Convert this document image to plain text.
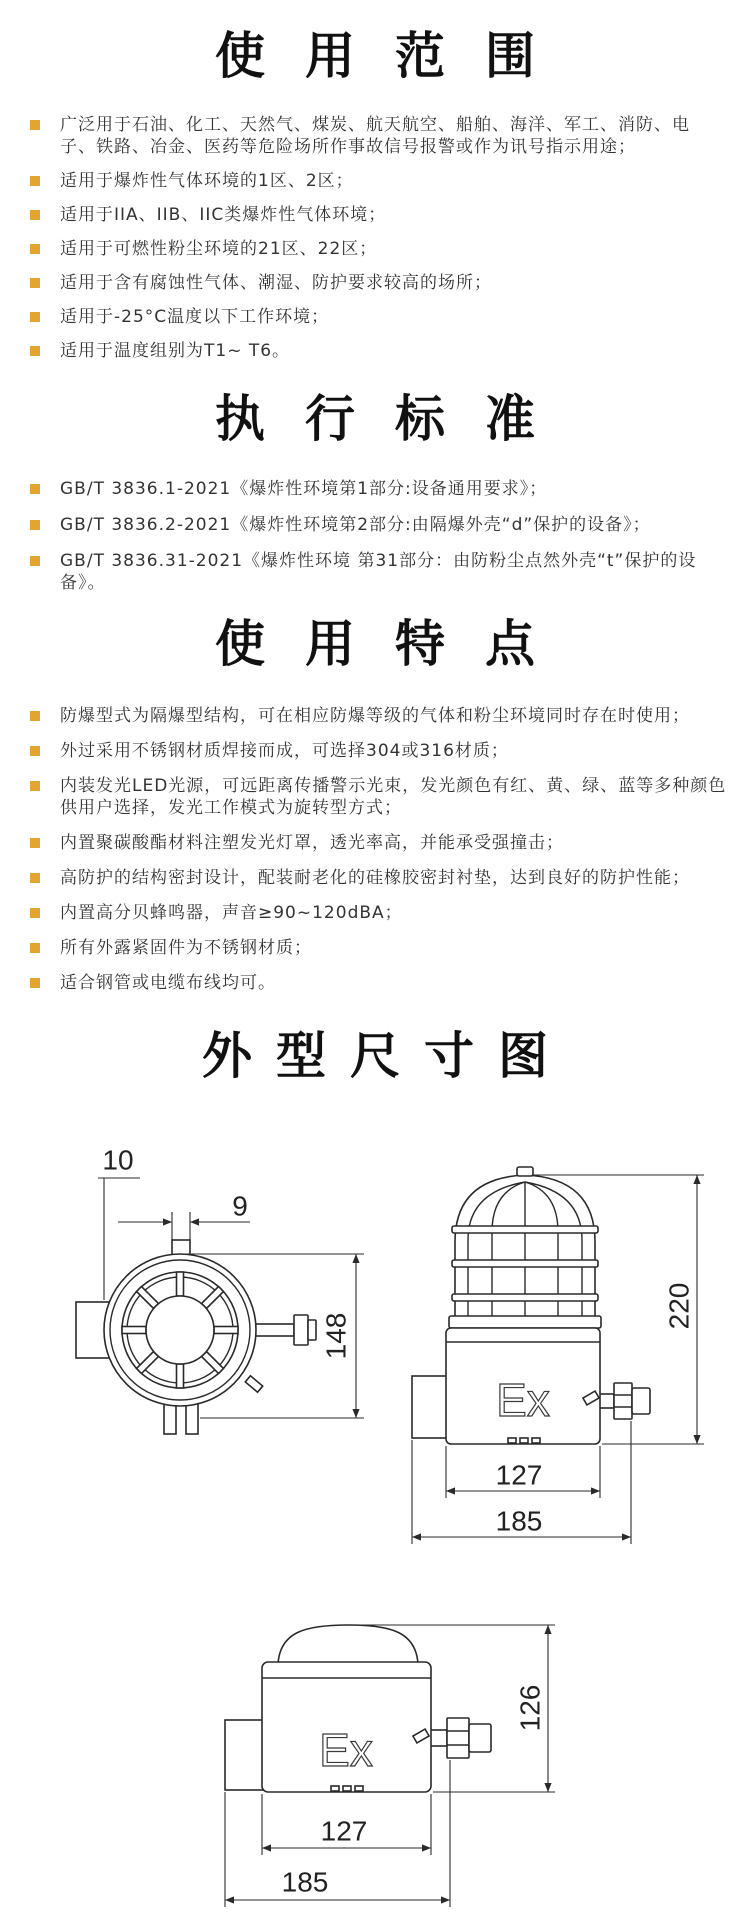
使用范围
广泛用于石油、化工、天然气、煤炭、航天航空、船舶、海洋、军工、消防、电子、铁路、冶金、医药等危险场所作事故信号报警或作为讯号指示用途；
适用于爆炸性气体环境的1区、2区；
适用于IIA、IIB、IIC类爆炸性气体环境；
适用于可燃性粉尘环境的21区、22区；
适用于含有腐蚀性气体、潮湿、防护要求较高的场所；
适用于-25°C温度以下工作环境；
适用于温度组别为T1~ T6。
执行标准
GB/T 3836.1-2021《爆炸性环境第1部分:设备通用要求》；
GB/T 3836.2-2021《爆炸性环境第2部分:由隔爆外壳“d”保护的设备》；
GB/T 3836.31-2021《爆炸性环境 第31部分：由防粉尘点然外壳“t”保护的设备》。
使用特点
防爆型式为隔爆型结构，可在相应防爆等级的气体和粉尘环境同时存在时使用；
外过采用不锈钢材质焊接而成，可选择304或316材质；
内装发光LED光源，可远距离传播警示光束，发光颜色有红、黄、绿、蓝等多种颜色供用户选择，发光工作模式为旋转型方式；
内置聚碳酸酯材料注塑发光灯罩，透光率高，并能承受强撞击；
高防护的结构密封设计，配装耐老化的硅橡胶密封衬垫，达到良好的防护性能；
内置高分贝蜂鸣器，声音≥90~120dBA；
所有外露紧固件为不锈钢材质；
适合钢管或电缆布线均可。
外型尺寸图
10
9
148
Ex
220
127
185
Ex
126
127
185
